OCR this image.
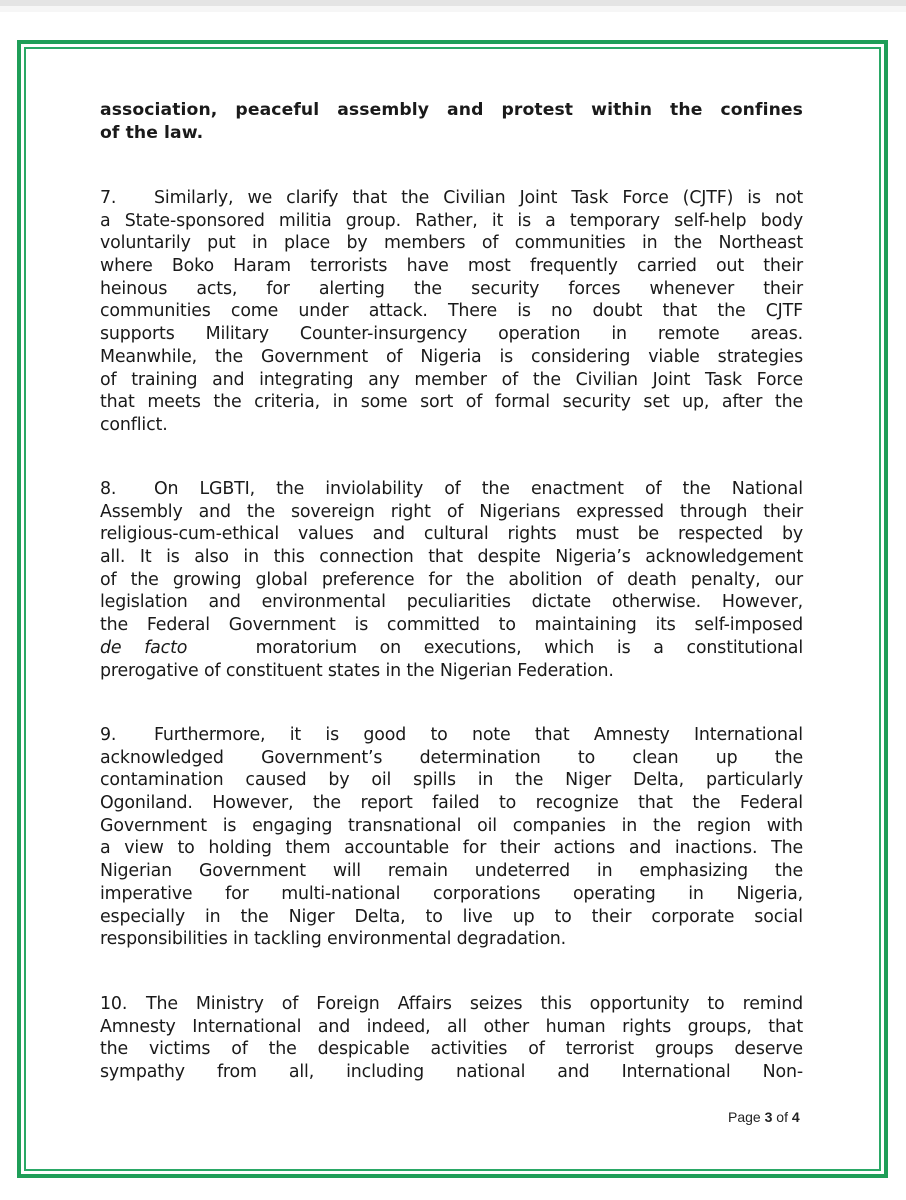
association, peaceful assembly and protest within the confines
of the law.
7. Similarly, we clarify that the Civilian Joint Task Force (CJTF) is not
a State-sponsored militia group. Rather, it is a temporary self-help body
voluntarily put in place by members of communities in the Northeast
where Boko Haram terrorists have most frequently carried out their
heinous acts, for alerting the security forces whenever their
communities come under attack. There is no doubt that the CJTF
supports Military Counter-insurgency operation in remote areas.
Meanwhile, the Government of Nigeria is considering viable strategies
of training and integrating any member of the Civilian Joint Task Force
that meets the criteria, in some sort of formal security set up, after the
conflict.
8. On LGBTI, the inviolability of the enactment of the National
Assembly and the sovereign right of Nigerians expressed through their
religious-cum-ethical values and cultural rights must be respected by
all. It is also in this connection that despite Nigeria’s acknowledgement
of the growing global preference for the abolition of death penalty, our
legislation and environmental peculiarities dictate otherwise. However,
the Federal Government is committed to maintaining its self-imposed
de facto	moratorium on executions, which is a constitutional
prerogative of constituent states in the Nigerian Federation.
9. Furthermore, it is good to note that Amnesty International
acknowledged Government’s determination to clean up the
contamination caused by oil spills in the Niger Delta, particularly
Ogoniland. However, the report failed to recognize that the Federal
Government is engaging transnational oil companies in the region with
a view to holding them accountable for their actions and inactions. The
Nigerian Government will remain undeterred in emphasizing the
imperative for multi-national corporations operating in Nigeria,
especially in the Niger Delta, to live up to their corporate social
responsibilities in tackling environmental degradation.
10. The Ministry of Foreign Affairs seizes this opportunity to remind
Amnesty International and indeed, all other human rights groups, that
the victims of the despicable activities of terrorist groups deserve
sympathy from all, including national and International Non-
Page 3 of 4
